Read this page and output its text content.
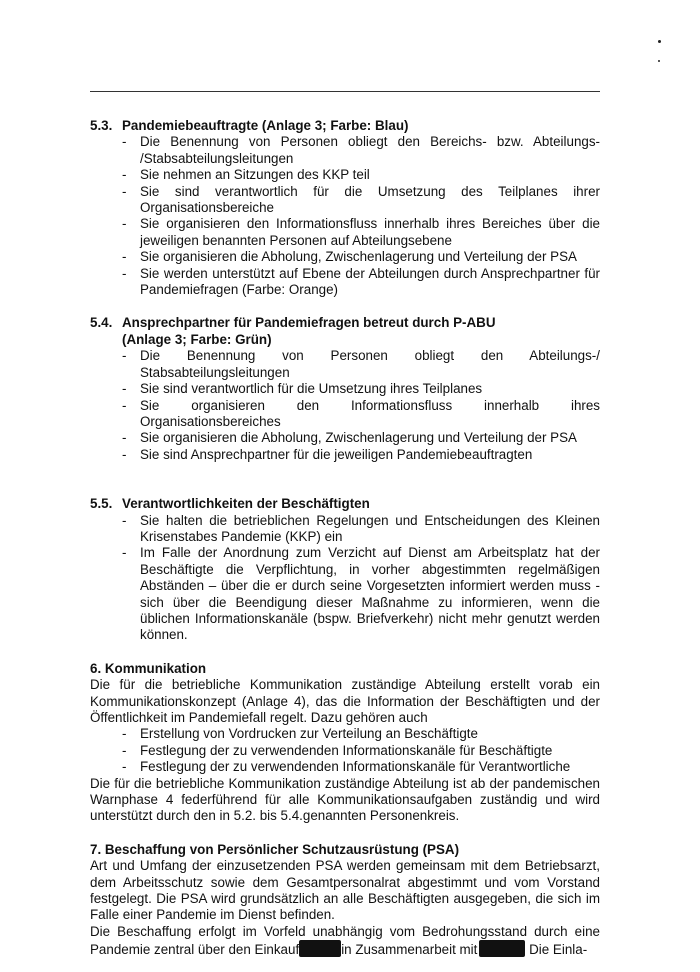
5.3. Pandemiebeauftragte (Anlage 3; Farbe: Blau)
- Die Benennung von Personen obliegt den Bereichs- bzw. Abteilungs- /Stabsabteilungsleitungen
- Sie nehmen an Sitzungen des KKP teil
- Sie sind verantwortlich für die Umsetzung des Teilplanes ihrer Organisationsbereiche
- Sie organisieren den Informationsfluss innerhalb ihres Bereiches über die jeweiligen benannten Personen auf Abteilungsebene
- Sie organisieren die Abholung, Zwischenlagerung und Verteilung der PSA
- Sie werden unterstützt auf Ebene der Abteilungen durch Ansprechpartner für Pandemiefragen (Farbe: Orange)
5.4. Ansprechpartner für Pandemiefragen betreut durch P-ABU
(Anlage 3; Farbe: Grün)
- Die Benennung von Personen obliegt den Abteilungs-/ Stabsabteilungsleitungen
- Sie sind verantwortlich für die Umsetzung ihres Teilplanes
- Sie organisieren den Informationsfluss innerhalb ihres Organisationsbereiches
- Sie organisieren die Abholung, Zwischenlagerung und Verteilung der PSA
- Sie sind Ansprechpartner für die jeweiligen Pandemiebeauftragten
5.5. Verantwortlichkeiten der Beschäftigten
- Sie halten die betrieblichen Regelungen und Entscheidungen des Kleinen Krisenstabes Pandemie (KKP) ein
- Im Falle der Anordnung zum Verzicht auf Dienst am Arbeitsplatz hat der Beschäftigte die Verpflichtung, in vorher abgestimmten regelmäßigen Abständen – über die er durch seine Vorgesetzten informiert werden muss - sich über die Beendigung dieser Maßnahme zu informieren, wenn die üblichen Informationskanäle (bspw. Briefverkehr) nicht mehr genutzt werden können.
6. Kommunikation

Die für die betriebliche Kommunikation zuständige Abteilung erstellt vorab ein Kommunikationskonzept (Anlage 4), das die Information der Beschäftigten und der Öffentlichkeit im Pandemiefall regelt. Dazu gehören auch

- Erstellung von Vordrucken zur Verteilung an Beschäftigte
- Festlegung der zu verwendenden Informationskanäle für Beschäftigte
- Festlegung der zu verwendenden Informationskanäle für Verantwortliche

Die für die betriebliche Kommunikation zuständige Abteilung ist ab der pandemischen Warnphase 4 federführend für alle Kommunikationsaufgaben zuständig und wird unterstützt durch den in 5.2. bis 5.4.genannten Personenkreis.

7. Beschaffung von Persönlicher Schutzausrüstung (PSA)

Art und Umfang der einzusetzenden PSA werden gemeinsam mit dem Betriebsarzt, dem Arbeitsschutz sowie dem Gesamtpersonalrat abgestimmt und vom Vorstand festgelegt. Die PSA wird grundsätzlich an alle Beschäftigten ausgegeben, die sich im Falle einer Pandemie im Dienst befinden.

Die Beschaffung erfolgt im Vorfeld unabhängig vom Bedrohungsstand durch eine Pandemie zentral über den Einkauf	in Zusammenarbeit mit	Die Einla-
